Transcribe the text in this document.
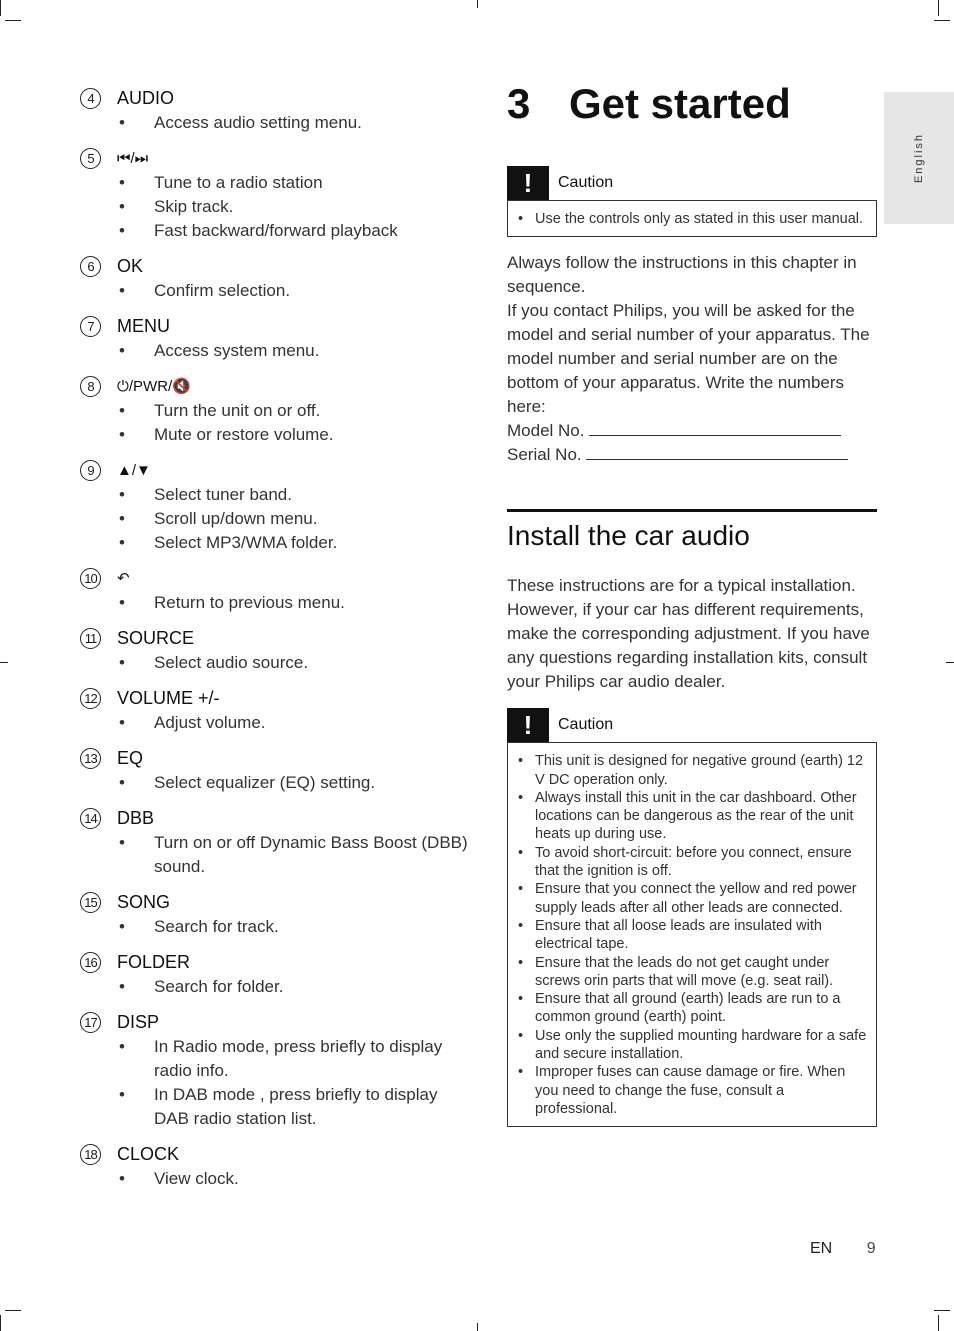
English
4	AUDIO
• Access audio setting menu.
5	⏮/⏭
• Tune to a radio station
• Skip track.
• Fast backward/forward playback
6	OK
• Confirm selection.
7	MENU
• Access system menu.
8	⏻/PWR/🔇
• Turn the unit on or off.
• Mute or restore volume.
9	▲/▼
• Select tuner band.
• Scroll up/down menu.
• Select MP3/WMA folder.
10 ↶
• Return to previous menu.
11 SOURCE
• Select audio source.
12 VOLUME +/-
• Adjust volume.
13 EQ
• Select equalizer (EQ) setting.
14 DBB
• Turn on or off Dynamic Bass Boost (DBB) sound.
15 SONG
• Search for track.
16 FOLDER
• Search for folder.
17 DISP
• In Radio mode, press briefly to display radio info.
• In DAB mode , press briefly to display DAB radio station list.
18 CLOCK
• View clock.
3 Get started
!	Caution
• Use the controls only as stated in this user manual.

Always follow the instructions in this chapter in sequence.

If you contact Philips, you will be asked for the model and serial number of your apparatus. The model number and serial number are on the bottom of your apparatus. Write the numbers here:

Model No.

Serial No.

Install the car audio

These instructions are for a typical installation. However, if your car has different requirements, make the corresponding adjustment. If you have any questions regarding installation kits, consult your Philips car audio dealer.

!	Caution
• This unit is designed for negative ground (earth) 12 V DC operation only.
• Always install this unit in the car dashboard. Other locations can be dangerous as the rear of the unit heats up during use.
• To avoid short-circuit: before you connect, ensure that the ignition is off.
• Ensure that you connect the yellow and red power supply leads after all other leads are connected.
• Ensure that all loose leads are insulated with electrical tape.
• Ensure that the leads do not get caught under screws orin parts that will move (e.g. seat rail).
• Ensure that all ground (earth) leads are run to a common ground (earth) point.
• Use only the supplied mounting hardware for a safe and secure installation.
• Improper fuses can cause damage or fire. When you need to change the fuse, consult a professional.
EN 9
